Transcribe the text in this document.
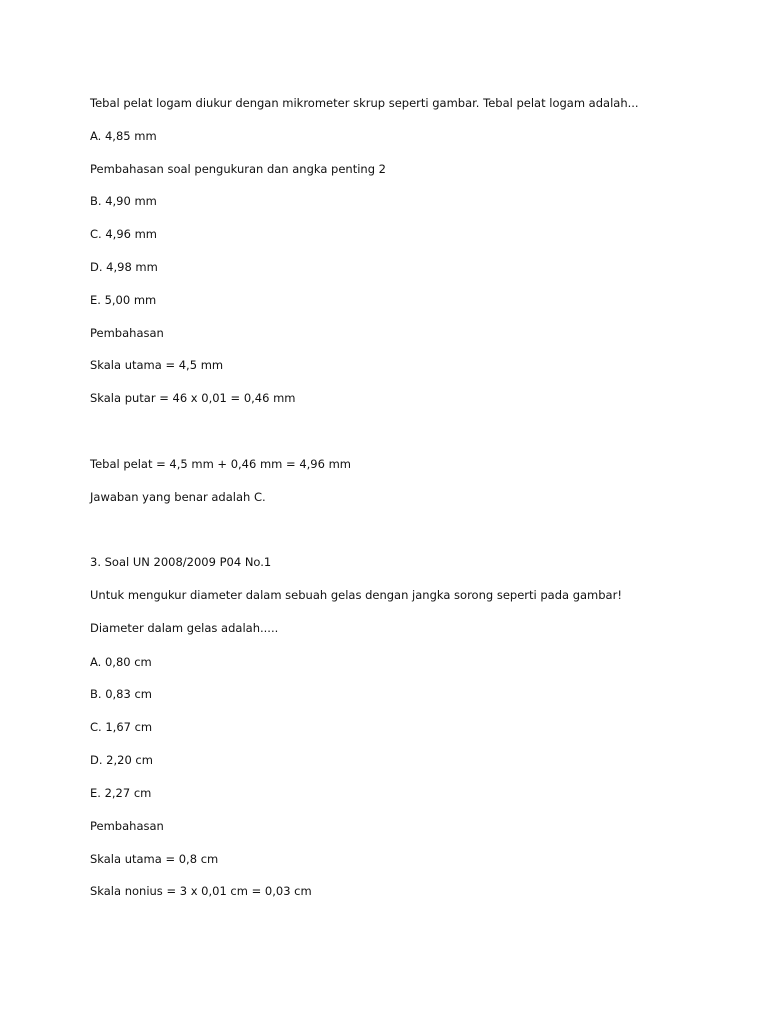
Tebal pelat logam diukur dengan mikrometer skrup seperti gambar. Tebal pelat logam adalah...

A. 4,85 mm

Pembahasan soal pengukuran dan angka penting 2

B. 4,90 mm

C. 4,96 mm

D. 4,98 mm

E. 5,00 mm

Pembahasan

Skala utama = 4,5 mm

Skala putar = 46 x 0,01 = 0,46 mm

Tebal pelat = 4,5 mm + 0,46 mm = 4,96 mm

Jawaban yang benar adalah C.

3. Soal UN 2008/2009 P04 No.1

Untuk mengukur diameter dalam sebuah gelas dengan jangka sorong seperti pada gambar!

Diameter dalam gelas adalah.....

A. 0,80 cm

B. 0,83 cm

C. 1,67 cm

D. 2,20 cm

E. 2,27 cm

Pembahasan

Skala utama = 0,8 cm

Skala nonius = 3 x 0,01 cm = 0,03 cm
